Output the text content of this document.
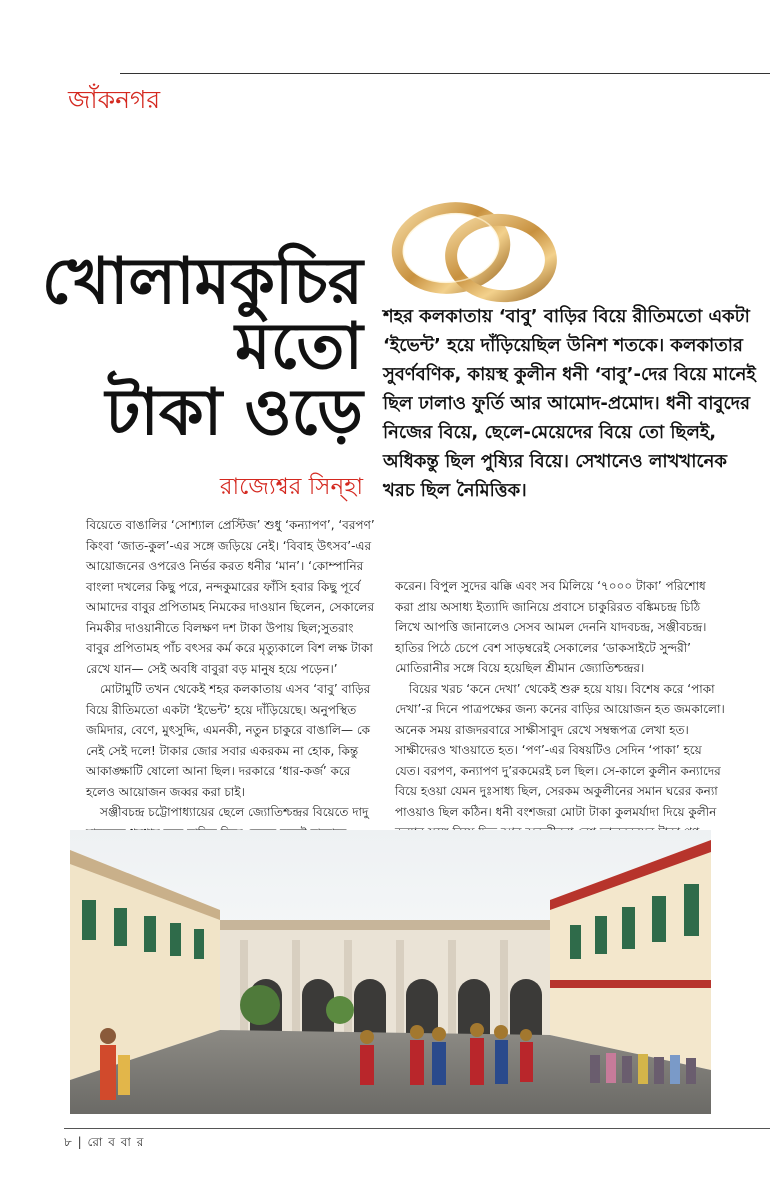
জাঁকনগর
খোলামকুচির
মতো
টাকা ওড়ে
রাজ্যেশ্বর সিন্‌হা
শহর কলকাতায় ‘বাবু’ বাড়ির বিয়ে রীতিমতো একটা ‘ইভেন্ট’ হয়ে দাঁড়িয়েছিল উনিশ শতকে। কলকাতার সুবর্ণবণিক, কায়স্থ কুলীন ধনী ‘বাবু’-দের বিয়ে মানেই ছিল ঢালাও ফুর্তি আর আমোদ-প্রমোদ। ধনী বাবুদের নিজের বিয়ে, ছেলে-মেয়েদের বিয়ে তো ছিলই, অধিকন্তু ছিল পুষ্যির বিয়ে। সেখানেও লাখখানেক খরচ ছিল নৈমিত্তিক।

বিয়েতে বাঙালির ‘সোশ্যাল প্রেস্টিজ’ শুধু ‘কন্যাপণ’, ‘বরপণ’ কিংবা ‘জাত-কুল’-এর সঙ্গে জড়িয়ে নেই। ‘বিবাহ উৎসব’-এর আয়োজনের ওপরেও নির্ভর করত ধনীর ‘মান’। ‘কোম্পানির বাংলা দখলের কিছু পরে, নন্দকুমারের ফাঁসি হবার কিছু পূর্বে আমাদের বাবুর প্রপিতামহ নিমকের দাওয়ান ছিলেন, সেকালের নিমকীর দাওয়ানীতে বিলক্ষণ দশ টাকা উপায় ছিল;সুতরাং বাবুর প্রপিতামহ পাঁচ বৎসর কর্ম করে মৃত্যুকালে বিশ লক্ষ টাকা রেখে যান— সেই অবধি বাবুরা বড় মানুষ হয়ে পড়েন।’

মোটামুটি তখন থেকেই শহর কলকাতায় এসব ‘বাবু’ বাড়ির বিয়ে রীতিমতো একটা ‘ইভেন্ট’ হয়ে দাঁড়িয়েছে। অনুপস্থিত জমিদার, বেণে, মুৎসুদ্দি, এমনকী, নতুন চাকুরে বাঙালি— কে নেই সেই দলে! টাকার জোর সবার একরকম না হোক, কিন্তু আকাঙ্ক্ষাটি ষোলো আনা ছিল। দরকারে ‘ধার-কর্জ’ করে হলেও আয়োজন জব্বর করা চাই।

সঞ্জীবচন্দ্র চট্টোপাধ্যায়ের ছেলে জ্যোতিশ্চন্দ্রর বিয়েতে দাদু

করেন। বিপুল সুদের ঝক্কি এবং সব মিলিয়ে ‘৭০০০ টাকা’ পরিশোধ করা প্রায় অসাধ্য ইত্যাদি জানিয়ে প্রবাসে চাকুরিরত বঙ্কিমচন্দ্র চিঠি লিখে আপত্তি জানালেও সেসব আমল দেননি যাদবচন্দ্র, সঞ্জীবচন্দ্র। হাতির পিঠে চেপে বেশ সাড়ম্বরেই সেকালের ‘ডাকসাইটে সুন্দরী’ মোতিরানীর সঙ্গে বিয়ে হয়েছিল শ্রীমান জ্যোতিশ্চন্দ্রর।

বিয়ের খরচ ‘কনে দেখা’ থেকেই শুরু হয়ে যায়। বিশেষ করে ‘পাকা দেখা’-র দিনে পাত্রপক্ষের জন্য কনের বাড়ির আয়োজন হত জমকালো। অনেক সময় রাজদরবারে সাক্ষীসাবুদ রেখে সম্বন্ধপত্র লেখা হত। সাক্ষীদেরও খাওয়াতে হত। ‘পণ’-এর বিষয়টিও সেদিন ‘পাকা’ হয়ে যেত। বরপণ, কন্যাপণ দু’রকমেরই চল ছিল। সে-কালে কুলীন কন্যাদের বিয়ে হওয়া যেমন দুঃসাধ্য ছিল, সেরকম অকুলীনের সমান ঘরের কন্যা পাওয়াও ছিল কঠিন। ধনী বংশজরা মোটা টাকা কুলমর্যাদা দিয়ে কুলীন

৮ | রো ব বা র
